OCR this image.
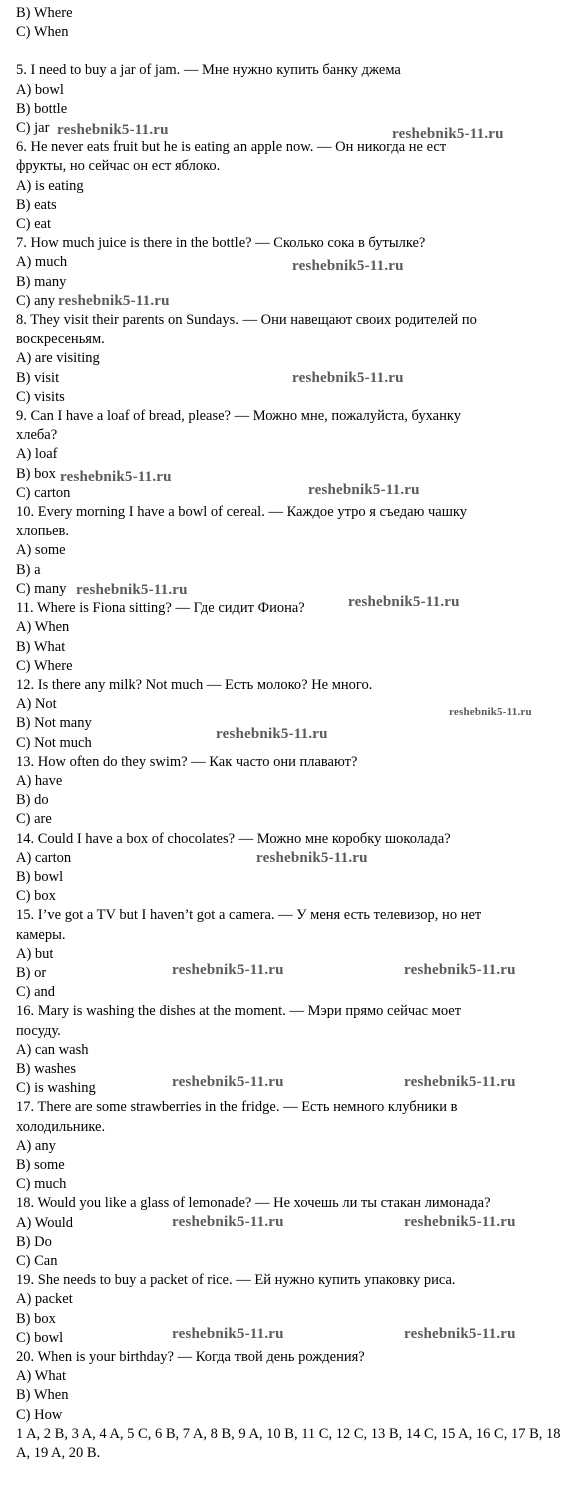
B) Where
C) When
5. I need to buy a jar of jam. — Мне нужно купить банку джема
A) bowl
B) bottle
C) jar
6. He never eats fruit but he is eating an apple now. — Он никогда не ест
фрукты, но сейчас он ест яблоко.
A) is eating
B) eats
C) eat
7. How much juice is there in the bottle? — Сколько сока в бутылке?
A) much
B) many
C) any
8. They visit their parents on Sundays. — Они навещают своих родителей по
воскресеньям.
A) are visiting
B) visit
C) visits
9. Can I have a loaf of bread, please? — Можно мне, пожалуйста, буханку
хлеба?
A) loaf
B) box
C) carton
10. Every morning I have a bowl of cereal. — Каждое утро я съедаю чашку
хлопьев.
A) some
B) a
C) many
11. Where is Fiona sitting? — Где сидит Фиона?
A) When
B) What
C) Where
12. Is there any milk? Not much — Есть молоко? Не много.
A) Not
B) Not many
C) Not much
13. How often do they swim? — Как часто они плавают?
A) have
B) do
C) are
14. Could I have a box of chocolates? — Можно мне коробку шоколада?
A) carton
B) bowl
C) box
15. I’ve got a TV but I haven’t got a camera. — У меня есть телевизор, но нет
камеры.
A) but
B) or
C) and
16. Mary is washing the dishes at the moment. — Мэри прямо сейчас моет
посуду.
A) can wash
B) washes
C) is washing
17. There are some strawberries in the fridge. — Есть немного клубники в
холодильнике.
A) any
B) some
C) much
18. Would you like a glass of lemonade? — Не хочешь ли ты стакан лимонада?
A) Would
B) Do
C) Can
19. She needs to buy a packet of rice. — Ей нужно купить упаковку риса.
A) packet
B) box
C) bowl
20. When is your birthday? — Когда твой день рождения?
A) What
B) When
C) How
1 A, 2 B, 3 A, 4 A, 5 C, 6 B, 7 A, 8 B, 9 A, 10 B, 11 C, 12 C, 13 B, 14 C, 15 A, 16 C, 17 B, 18 A, 19 A, 20 B.
reshebnik5-11.ru	reshebnik5-11.ru
reshebnik5-11.ru
reshebnik5-11.ru
reshebnik5-11.ru
reshebnik5-11.ru
reshebnik5-11.ru
reshebnik5-11.ru
reshebnik5-11.ru
reshebnik5-11.ru
reshebnik5-11.ru
reshebnik5-11.ru
reshebnik5-11.ru	reshebnik5-11.ru
reshebnik5-11.ru	reshebnik5-11.ru
reshebnik5-11.ru	reshebnik5-11.ru
reshebnik5-11.ru	reshebnik5-11.ru
